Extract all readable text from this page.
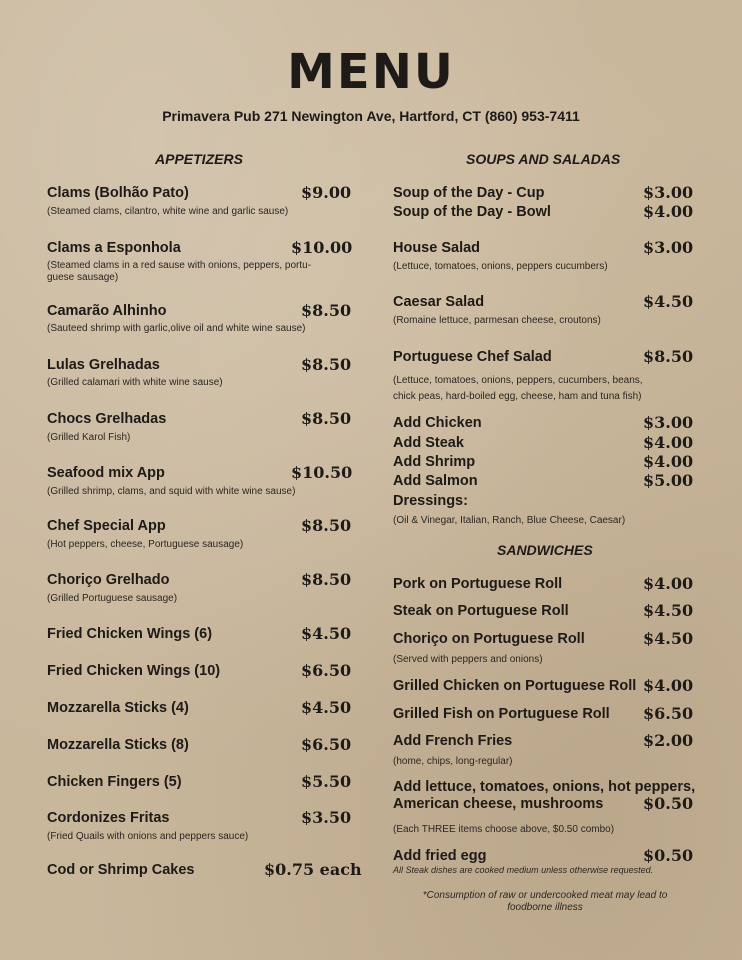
MENU
Primavera Pub 271 Newington Ave, Hartford, CT (860) 953-7411
APPETIZERS
Clams (Bolhão Pato)	$9.00
(Steamed clams, cilantro, white wine and garlic sause)
Clams a Esponhola	$10.00
(Steamed clams in a red sause with onions, peppers, portu-
guese sausage)
Camarão Alhinho	$8.50
(Sauteed shrimp with garlic,olive oil and white wine sause)
Lulas Grelhadas	$8.50
(Grilled calamari with white wine sause)
Chocs Grelhadas	$8.50
(Grilled Karol Fish)
Seafood mix App	$10.50
(Grilled shrimp, clams, and squid with white wine sause)
Chef Special App	$8.50
(Hot peppers, cheese, Portuguese sausage)
Choriço Grelhado	$8.50
(Grilled Portuguese sausage)
Fried Chicken Wings (6)	$4.50
Fried Chicken Wings (10)	$6.50
Mozzarella Sticks (4)	$4.50
Mozzarella Sticks (8)	$6.50
Chicken Fingers (5)	$5.50
Cordonizes Fritas	$3.50
(Fried Quails with onions and peppers sauce)
Cod or Shrimp Cakes	$0.75 each
SOUPS AND SALADAS
Soup of the Day - Cup	$3.00
Soup of the Day - Bowl	$4.00
House Salad	$3.00
(Lettuce, tomatoes, onions, peppers cucumbers)
Caesar Salad	$4.50
(Romaine lettuce, parmesan cheese, croutons)
Portuguese Chef Salad	$8.50
(Lettuce, tomatoes, onions, peppers, cucumbers, beans,
chick peas, hard-boiled egg, cheese, ham and tuna fish)
Add Chicken	$3.00
Add Steak	$4.00
Add Shrimp	$4.00
Add Salmon	$5.00
Dressings:
(Oil & Vinegar, Italian, Ranch, Blue Cheese, Caesar)
SANDWICHES
Pork on Portuguese Roll	$4.00
Steak on Portuguese Roll	$4.50
Choriço on Portuguese Roll	$4.50
(Served with peppers and onions)
Grilled Chicken on Portuguese Roll $4.00
Grilled Fish on Portuguese Roll $6.50
Add French Fries	$2.00
(home, chips, long-regular)
Add lettuce, tomatoes, onions, hot peppers,
American cheese, mushrooms	$0.50
(Each THREE items choose above, $0.50 combo)
Add fried egg	$0.50
All Steak dishes are cooked medium unless otherwise requested.
*Consumption of raw or undercooked meat may lead to
foodborne illness
